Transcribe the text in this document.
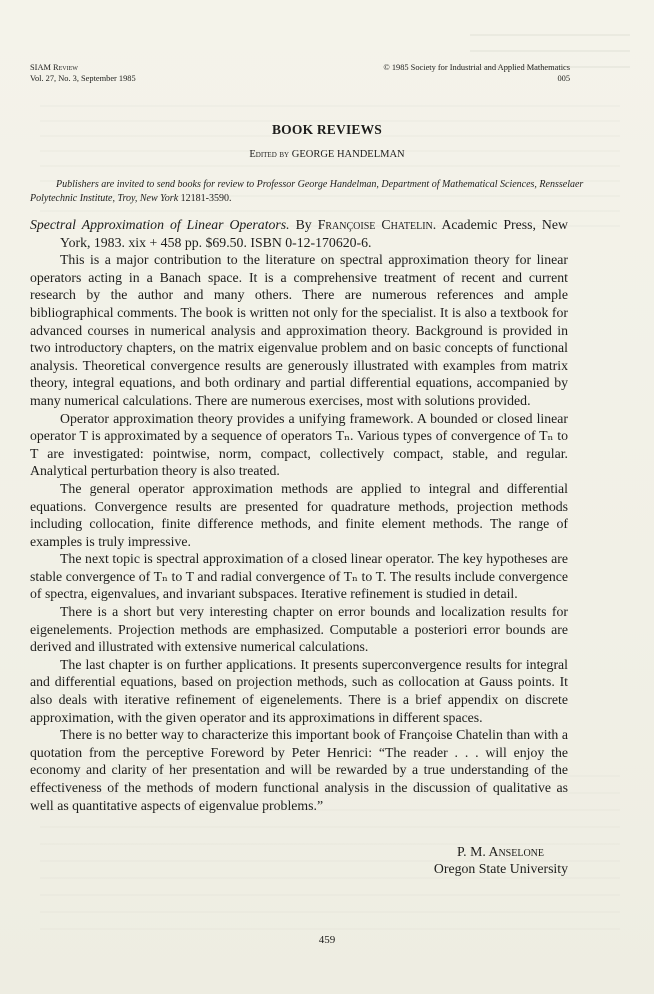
SIAM Review
Vol. 27, No. 3, September 1985
© 1985 Society for Industrial and Applied Mathematics
005
BOOK REVIEWS
Edited by GEORGE HANDELMAN
Publishers are invited to send books for review to Professor George Handelman, Department of Mathematical Sciences, Rensselaer Polytechnic Institute, Troy, New York 12181-3590.

Spectral Approximation of Linear Operators. By Françoise Chatelin. Academic Press, New York, 1983. xix + 458 pp. $69.50. ISBN 0-12-170620-6.

This is a major contribution to the literature on spectral approximation theory for linear operators acting in a Banach space. It is a comprehensive treatment of recent and current research by the author and many others. There are numerous references and ample bibliographical comments. The book is written not only for the specialist. It is also a textbook for advanced courses in numerical analysis and approximation theory. Background is provided in two introductory chapters, on the matrix eigenvalue problem and on basic concepts of functional analysis. Theoretical convergence results are generously illustrated with examples from matrix theory, integral equations, and both ordinary and partial differential equations, accompanied by many numerical calculations. There are numerous exercises, most with solutions provided.

Operator approximation theory provides a unifying framework. A bounded or closed linear operator T is approximated by a sequence of operators Tₙ. Various types of convergence of Tₙ to T are investigated: pointwise, norm, compact, collectively compact, stable, and regular. Analytical perturbation theory is also treated.

The general operator approximation methods are applied to integral and differential equations. Convergence results are presented for quadrature methods, projection methods including collocation, finite difference methods, and finite element methods. The range of examples is truly impressive.

The next topic is spectral approximation of a closed linear operator. The key hypotheses are stable convergence of Tₙ to T and radial convergence of Tₙ to T. The results include convergence of spectra, eigenvalues, and invariant subspaces. Iterative refinement is studied in detail.

There is a short but very interesting chapter on error bounds and localization results for eigenelements. Projection methods are emphasized. Computable a posteriori error bounds are derived and illustrated with extensive numerical calculations.

The last chapter is on further applications. It presents superconvergence results for integral and differential equations, based on projection methods, such as collocation at Gauss points. It also deals with iterative refinement of eigenelements. There is a brief appendix on discrete approximation, with the given operator and its approximations in different spaces.

There is no better way to characterize this important book of Françoise Chatelin than with a quotation from the perceptive Foreword by Peter Henrici: “The reader . . . will enjoy the economy and clarity of her presentation and will be rewarded by a true understanding of the effectiveness of the methods of modern functional analysis in the discussion of qualitative as well as quantitative aspects of eigenvalue problems.”

P. M. Anselone
Oregon State University
459
